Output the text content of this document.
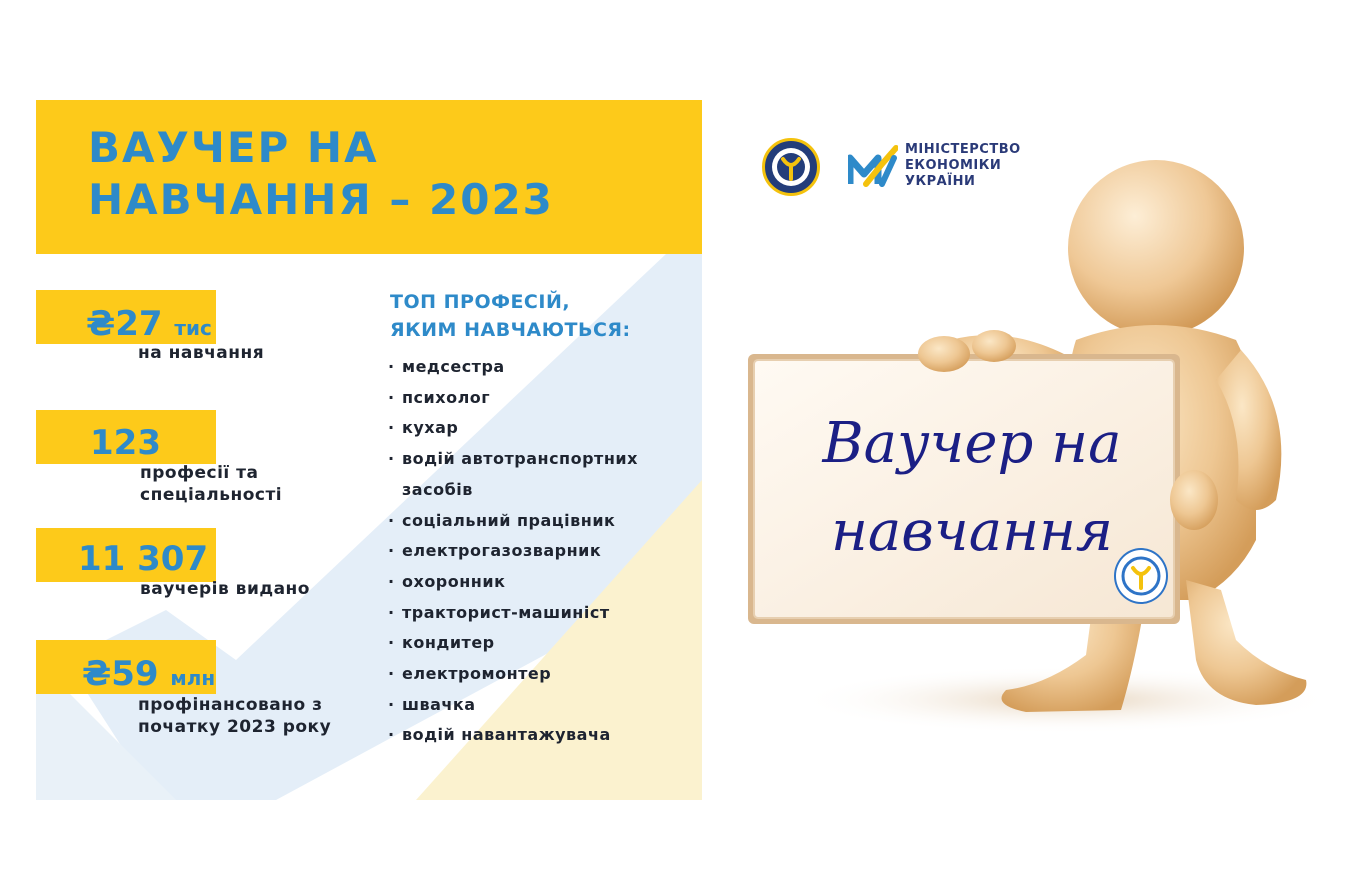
ВАУЧЕР НА
НАВЧАННЯ – 2023
₴27 тис
на навчання
123
професії та
спеціальності
11 307
ваучерів видано
₴59 млн
профінансовано з
початку 2023 року
ТОП ПРОФЕСІЙ,
ЯКИМ НАВЧАЮТЬСЯ:
· медсестра
· психолог
· кухар
· водій автотранспортних
засобів
· соціальний працівник
· електрогазозварник
· охоронник
· тракторист-машиніст
· кондитер
· електромонтер
· швачка
· водій навантажувача
МІНІСТЕРСТВО
ЕКОНОМІКИ
УКРАЇНИ
Ваучер на
навчання
